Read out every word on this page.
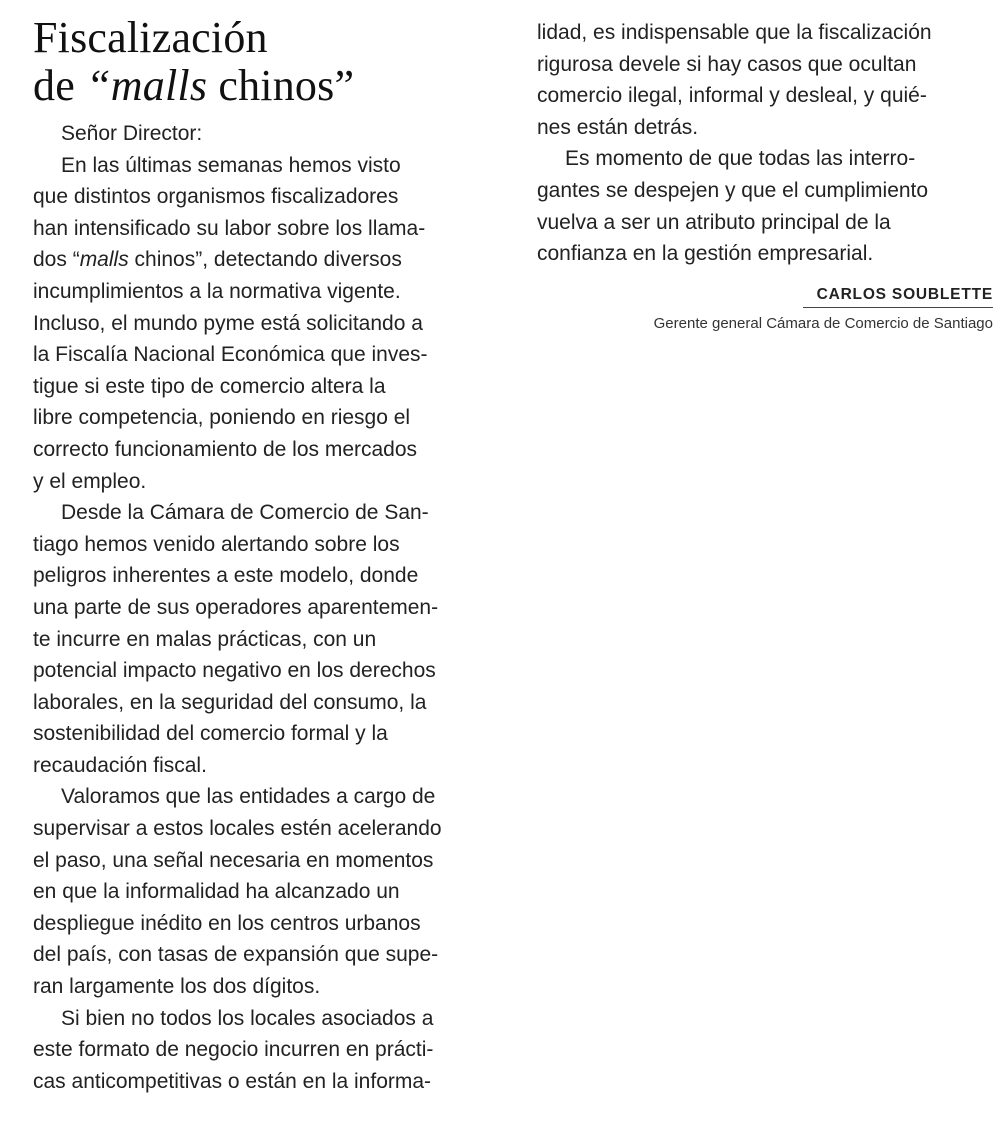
Fiscalización
de “malls chinos”
Señor Director:
En las últimas semanas hemos visto
que distintos organismos fiscalizadores
han intensificado su labor sobre los llama-
dos “malls chinos”, detectando diversos
incumplimientos a la normativa vigente.
Incluso, el mundo pyme está solicitando a
la Fiscalía Nacional Económica que inves-
tigue si este tipo de comercio altera la
libre competencia, poniendo en riesgo el
correcto funcionamiento de los mercados
y el empleo.
Desde la Cámara de Comercio de San-
tiago hemos venido alertando sobre los
peligros inherentes a este modelo, donde
una parte de sus operadores aparentemen-
te incurre en malas prácticas, con un
potencial impacto negativo en los derechos
laborales, en la seguridad del consumo, la
sostenibilidad del comercio formal y la
recaudación fiscal.
Valoramos que las entidades a cargo de
supervisar a estos locales estén acelerando
el paso, una señal necesaria en momentos
en que la informalidad ha alcanzado un
despliegue inédito en los centros urbanos
del país, con tasas de expansión que supe-
ran largamente los dos dígitos.
Si bien no todos los locales asociados a
este formato de negocio incurren en prácti-
cas anticompetitivas o están en la informa-
lidad, es indispensable que la fiscalización
rigurosa devele si hay casos que ocultan
comercio ilegal, informal y desleal, y quié-
nes están detrás.
Es momento de que todas las interro-
gantes se despejen y que el cumplimiento
vuelva a ser un atributo principal de la
confianza en la gestión empresarial.
CARLOS SOUBLETTE
Gerente general Cámara de Comercio de Santiago
